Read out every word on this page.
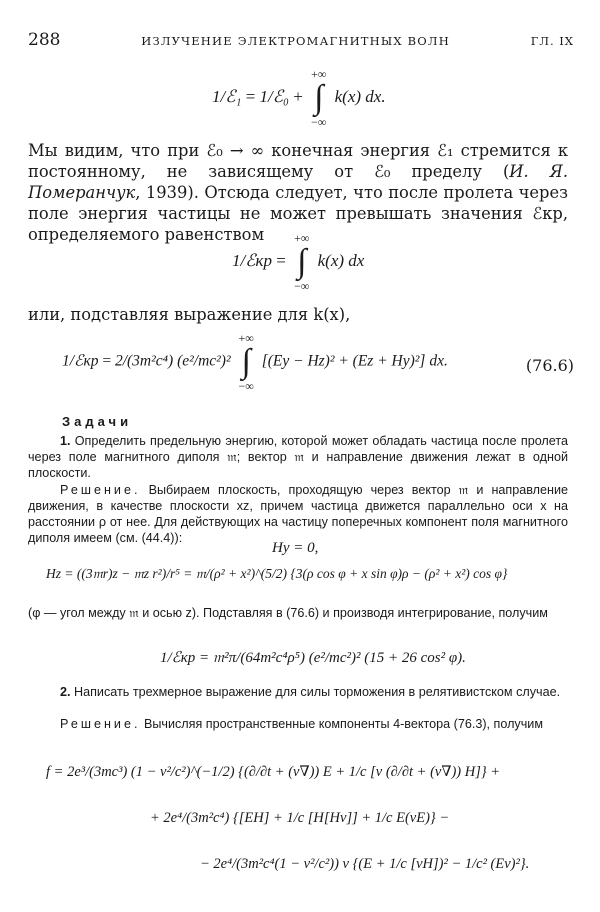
288	ИЗЛУЧЕНИЕ ЭЛЕКТРОМАГНИТНЫХ ВОЛН	ГЛ. IX
1/ℰ₁ = 1/ℰ₀ +
+∞
∫
−∞
k(x) dx.
Мы видим, что при ℰ₀ → ∞ конечная энергия ℰ₁ стремится к постоянному, не зависящему от ℰ₀ пределу (И. Я. Померанчук, 1939). Отсюда следует, что после пролета через поле энергия частицы не может превышать значения ℰкр, определяемого равенством
1/ℰкр =
+∞
∫
−∞
k(x) dx
или, подставляя выражение для k(x),
1/ℰкр = 2/(3m²c⁴) (e²/mc²)²
+∞
∫
−∞
[(Ey − Hz)² + (Ez + Hy)²] dx.	(76.6)
Задачи
1. Определить предельную энергию, которой может обладать частица после пролета через поле магнитного диполя 𝔪; вектор 𝔪 и направление движения лежат в одной плоскости.
Решение. Выбираем плоскость, проходящую через вектор 𝔪 и направление движения, в качестве плоскости xz, причем частица движется параллельно оси x на расстоянии ρ от нее. Для действующих на частицу поперечных компонент поля магнитного диполя имеем (см. (44.4)):
Hy = 0,
Hz = ((3𝔪r)z − 𝔪z r²)/r⁵ = 𝔪/(ρ² + x²)^(5/2) {3(ρ cos φ + x sin φ)ρ − (ρ² + x²) cos φ}
(φ — угол между 𝔪 и осью z). Подставляя в (76.6) и производя интегрирование, получим
1/ℰкр = 𝔪²π/(64m²c⁴ρ⁵) (e²/mc²)² (15 + 26 cos² φ).
2. Написать трехмерное выражение для силы торможения в релятивистском случае.
Решение. Вычисляя пространственные компоненты 4-вектора (76.3), получим
f = 2e³/(3mc³) (1 − v²/c²)^(−1/2) {(∂/∂t + (v∇)) E + 1/c [v (∂/∂t + (v∇)) H]} +
+ 2e⁴/(3m²c⁴) {[EH] + 1/c [H[Hv]] + 1/c E(vE)} −
− 2e⁴/(3m²c⁴(1 − v²/c²)) v {(E + 1/c [vH])² − 1/c² (Ev)²}.
